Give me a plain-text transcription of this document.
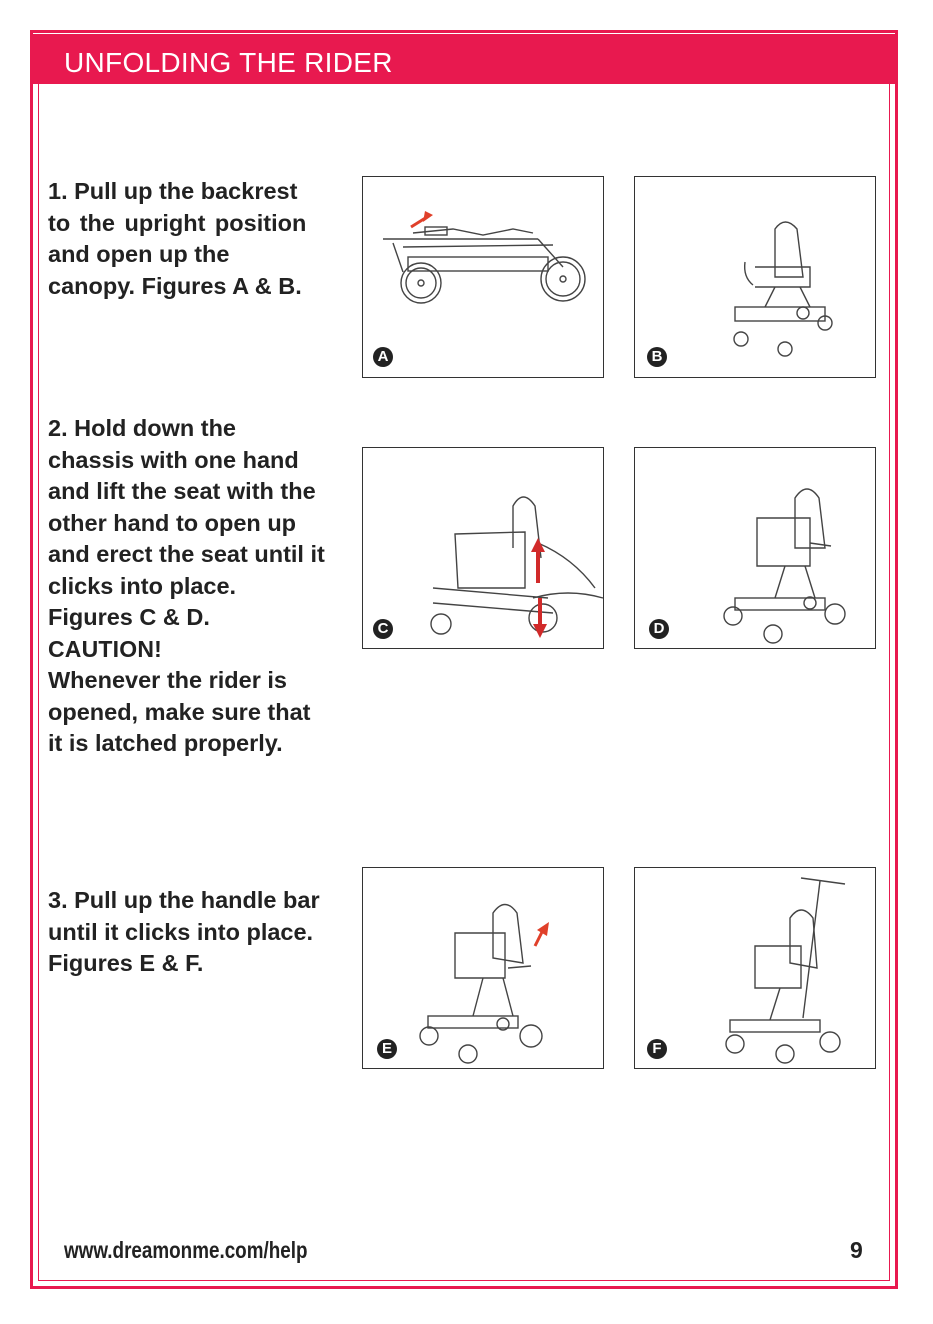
UNFOLDING THE RIDER

1. Pull up the backrest

to the upright position

and open up the

canopy. Figures A & B.

2. Hold down the

chassis with one hand

and lift the seat with the

other hand to open up

and erect the seat until it

clicks into place.

Figures C & D.

CAUTION!

Whenever the rider is

opened, make sure that

it is latched properly.

3. Pull up the handle bar

until it clicks into place.

Figures E & F.

A	B
C	D
E	F
www.dreamonme.com/help	9
